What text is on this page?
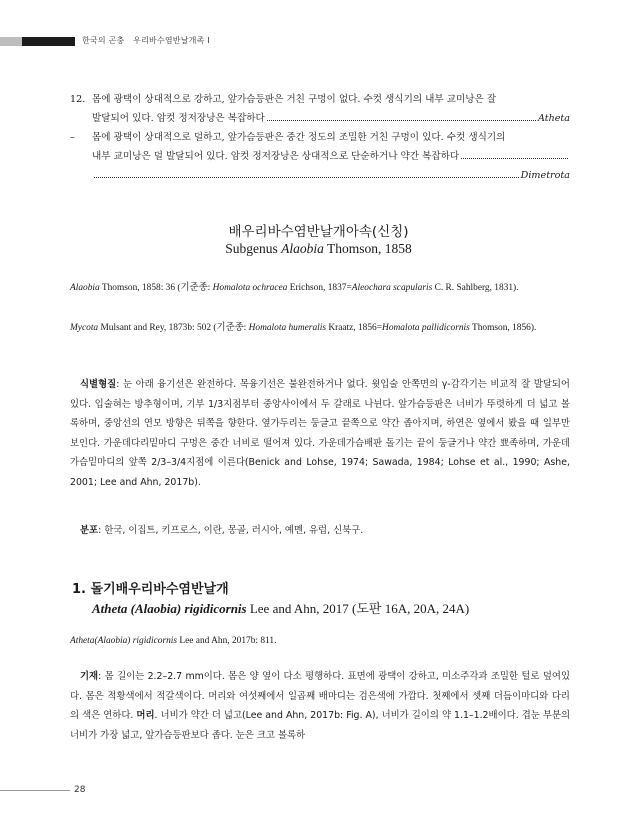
한국의 곤충 우리바수염반날개족 I
12. 몸에 광택이 상대적으로 강하고, 앞가슴등판은 거친 구멍이 없다. 수컷 생식기의 내부 교미낭은 잘
발달되어 있다. 암컷 정저장낭은 복잡하다	Atheta
–	몸에 광택이 상대적으로 덜하고, 앞가슴등판은 중간 정도의 조밀한 거친 구멍이 있다. 수컷 생식기의
내부 교미낭은 덜 발달되어 있다. 암컷 정저장낭은 상대적으로 단순하거나 약간 복잡하다
Dimetrota
배우리바수염반날개아속(신칭)
Subgenus Alaobia Thomson, 1858
Alaobia Thomson, 1858: 36 (기준종: Homalota ochracea Erichson, 1837=Aleochara scapularis C. R. Sahlberg, 1831).
Mycota Mulsant and Rey, 1873b: 502 (기준종: Homalota humeralis Kraatz, 1856=Homalota pallidicornis Thomson, 1856).
식별형질: 눈 아래 융기선은 완전하다. 목융기선은 불완전하거나 없다. 윗입술 안쪽면의 γ-감각기는 비교적 잘 발달되어 있다. 입술혀는 방추형이며, 기부 1/3지점부터 중앙사이에서 두 갈래로 나뉜다. 앞가슴등판은 너비가 뚜렷하게 더 넓고 볼록하며, 중앙선의 연모 방향은 뒤쪽을 향한다. 옆가두리는 둥글고 끝쪽으로 약간 좁아지며, 하연은 옆에서 봤을 때 일부만 보인다. 가운데다리밑마디 구멍은 중간 너비로 떨어져 있다. 가운데가슴배판 돌기는 끝이 둥글거나 약간 뾰족하며, 가운데가슴밑마디의 앞쪽 2/3–3/4지점에 이른다(Benick and Lohse, 1974; Sawada, 1984; Lohse et al., 1990; Ashe, 2001; Lee and Ahn, 2017b).
분포: 한국, 이집트, 키프로스, 이란, 몽골, 러시아, 예멘, 유럽, 신북구.
1. 돌기배우리바수염반날개
Atheta (Alaobia) rigidicornis Lee and Ahn, 2017 (도판 16A, 20A, 24A)
Atheta(Alaobia) rigidicornis Lee and Ahn, 2017b: 811.
기재: 몸 길이는 2.2–2.7 mm이다. 몸은 양 옆이 다소 평행하다. 표면에 광택이 강하고, 미소주각과 조밀한 털로 덮여있다. 몸은 적황색에서 적갈색이다. 머리와 여섯째에서 일곱째 배마디는 검은색에 가깝다. 첫째에서 셋째 더듬이마디와 다리의 색은 연하다. 머리. 너비가 약간 더 넓고(Lee and Ahn, 2017b: Fig. A), 너비가 길이의 약 1.1–1.2배이다. 겹눈 부분의 너비가 가장 넓고, 앞가슴등판보다 좁다. 눈은 크고 볼록하
28
